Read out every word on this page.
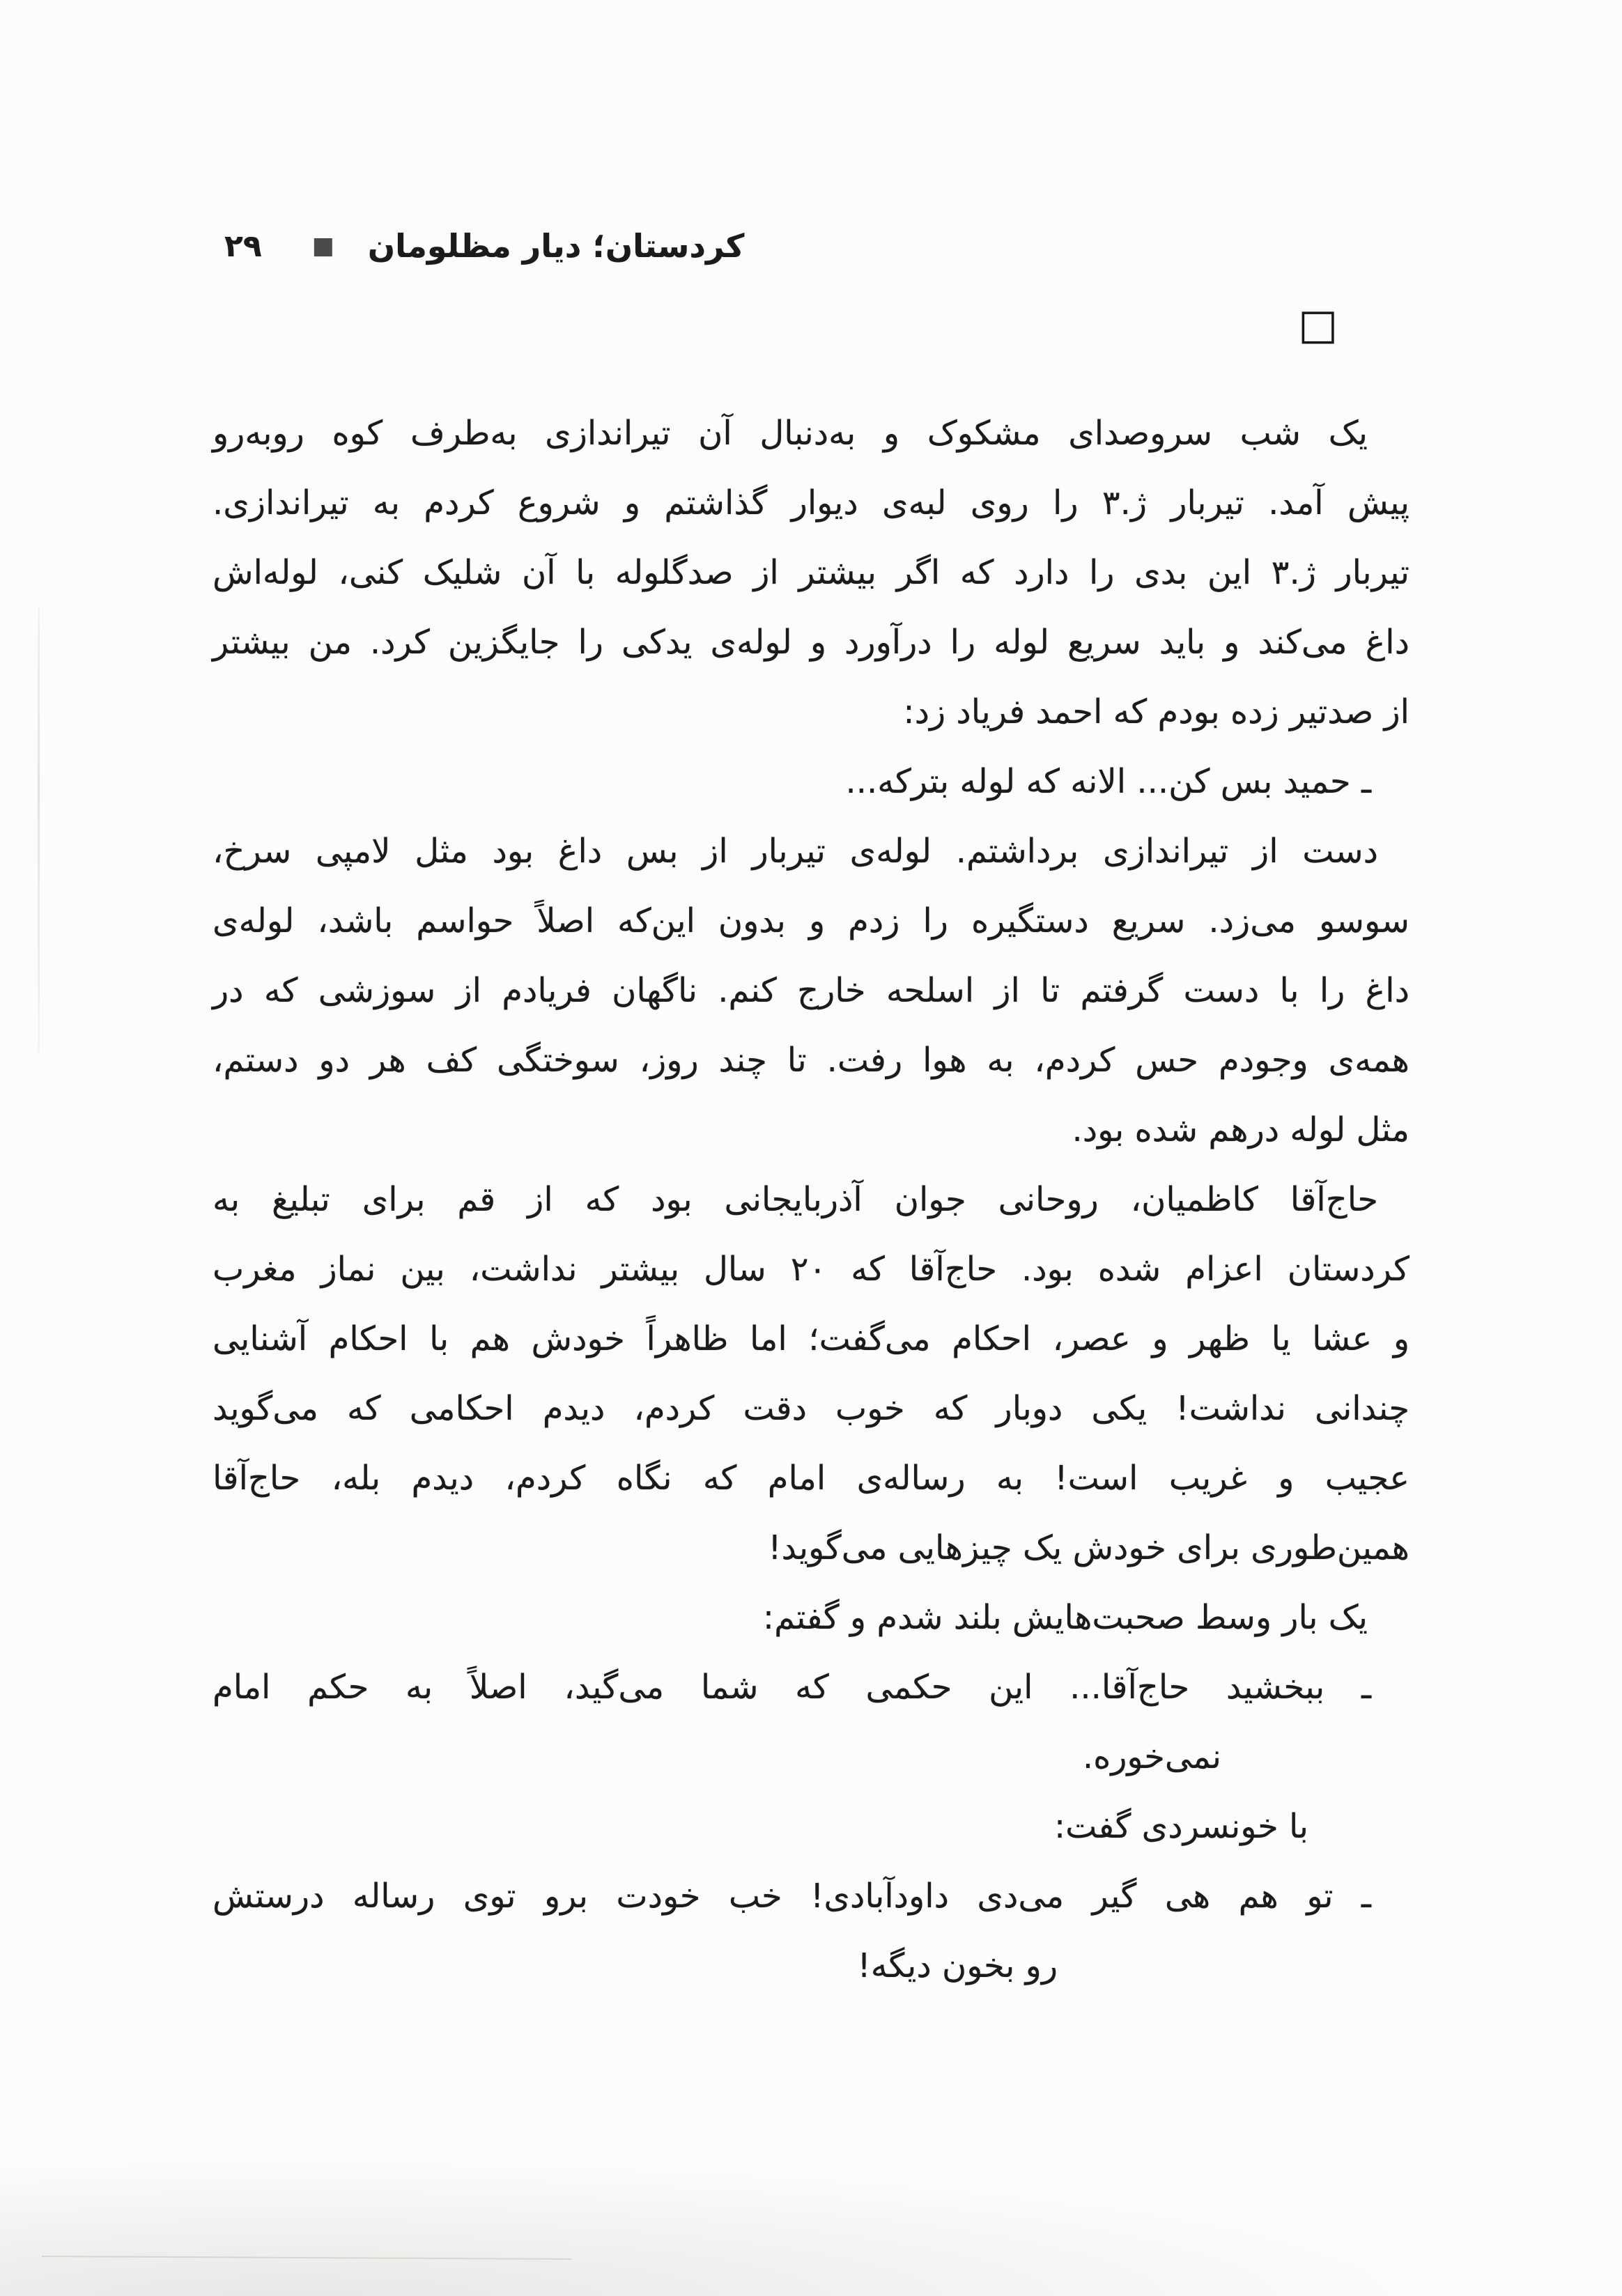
کردستان؛ دیار مظلومان
■
۲۹
□
یک شب سروصدای مشکوک و به‌دنبال آن تیراندازی به‌طرف کوه روبه‌رو
پیش آمد. تیربار ژ.۳ را روی لبه‌ی دیوار گذاشتم و شروع کردم به تیراندازی.
تیربار ژ.۳ این بدی را دارد که اگر بیشتر از صدگلوله با آن شلیک کنی، لوله‌اش
داغ می‌کند و باید سریع لوله را درآورد و لوله‌ی یدکی را جایگزین کرد. من بیشتر
از صدتیر زده بودم که احمد فریاد زد:
ـ حمید بس کن... الانه که لوله بترکه...
دست از تیراندازی برداشتم. لوله‌ی تیربار از بس داغ بود مثل لامپی سرخ،
سوسو می‌زد. سریع دستگیره را زدم و بدون این‌که اصلاً حواسم باشد، لوله‌ی
داغ را با دست گرفتم تا از اسلحه خارج کنم. ناگهان فریادم از سوزشی که در
همه‌ی وجودم حس کردم، به هوا رفت. تا چند روز، سوختگی کف هر دو دستم،
مثل لوله درهم شده بود.
حاج‌آقا کاظمیان، روحانی جوان آذربایجانی بود که از قم برای تبلیغ به
کردستان اعزام شده بود. حاج‌آقا که ۲۰ سال بیشتر نداشت، بین نماز مغرب
و عشا یا ظهر و عصر، احکام می‌گفت؛ اما ظاهراً خودش هم با احکام آشنایی
چندانی نداشت! یکی دوبار که خوب دقت کردم، دیدم احکامی که می‌گوید
عجیب و غریب است! به رساله‌ی امام که نگاه کردم، دیدم بله، حاج‌آقا
همین‌طوری برای خودش یک چیزهایی می‌گوید!
یک بار وسط صحبت‌هایش بلند شدم و گفتم:
ـ ببخشید حاج‌آقا... این حکمی که شما می‌گید، اصلاً به حکم امام
نمی‌خوره.
با خونسردی گفت:
ـ تو هم هی گیر می‌دی داودآبادی! خب خودت برو توی رساله درستش
رو بخون دیگه!
